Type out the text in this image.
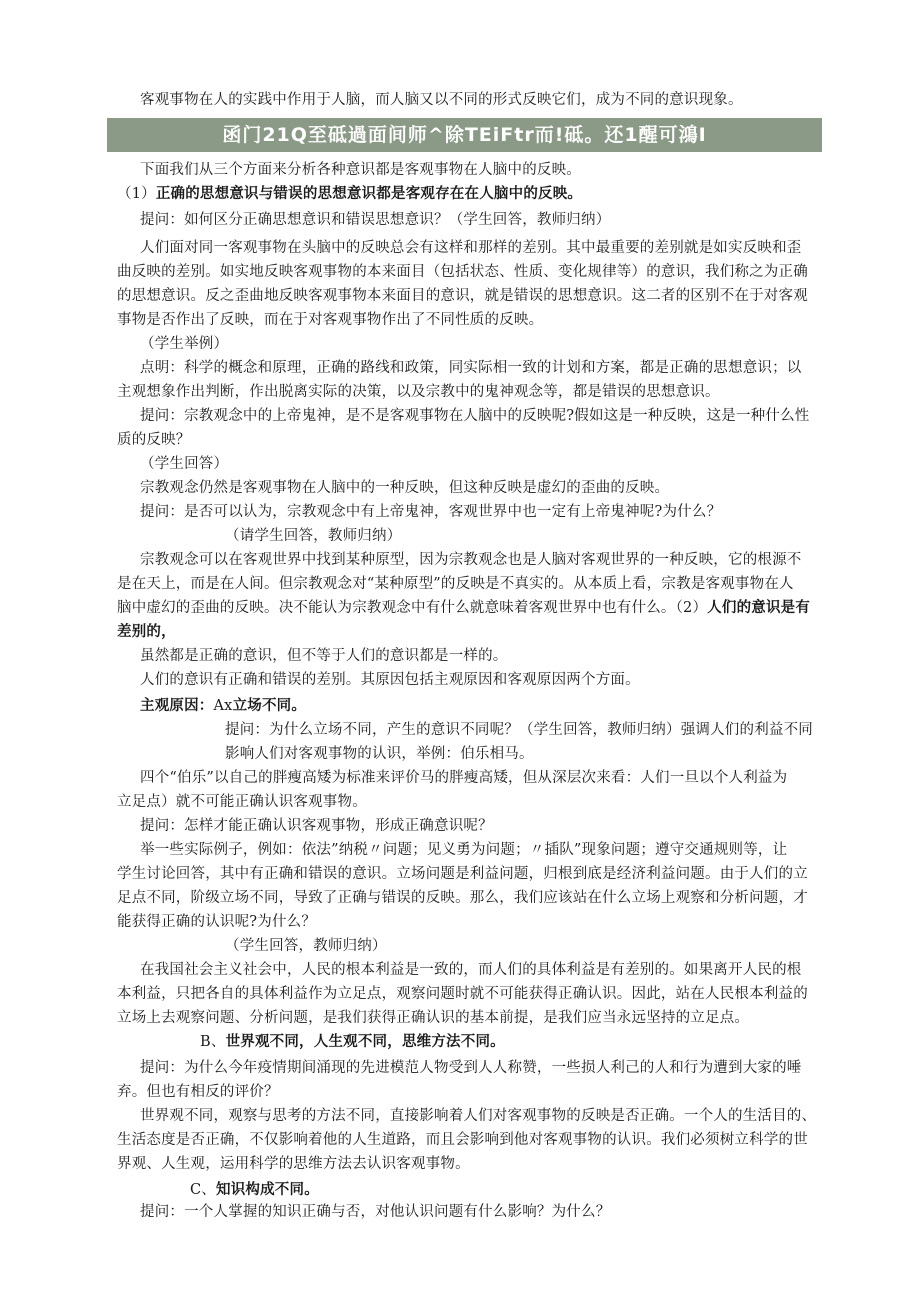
客观事物在人的实践中作用于人脑，而人脑又以不同的形式反映它们，成为不同的意识现象。
函门21Q至砥過面间师^除TEiFtr而!砥。还1醒可鴻I
下面我们从三个方面来分析各种意识都是客观事物在人脑中的反映。
（1）正确的思想意识与错误的思想意识都是客观存在在人脑中的反映。
提问：如何区分正确思想意识和错误思想意识？（学生回答，教师归纳）
人们面对同一客观事物在头脑中的反映总会有这样和那样的差别。其中最重要的差别就是如实反映和歪
曲反映的差别。如实地反映客观事物的本来面目（包括状态、性质、变化规律等）的意识，我们称之为正确
的思想意识。反之歪曲地反映客观事物本来面目的意识，就是错误的思想意识。这二者的区别不在于对客观
事物是否作出了反映，而在于对客观事物作出了不同性质的反映。
（学生举例）
点明：科学的概念和原理，正确的路线和政策，同实际相一致的计划和方案，都是正确的思想意识；以
主观想象作出判断，作出脱离实际的决策，以及宗教中的鬼神观念等，都是错误的思想意识。
提问：宗教观念中的上帝鬼神，是不是客观事物在人脑中的反映呢?假如这是一种反映，这是一种什么性
质的反映？
（学生回答）
宗教观念仍然是客观事物在人脑中的一种反映，但这种反映是虚幻的歪曲的反映。
提问：是否可以认为，宗教观念中有上帝鬼神，客观世界中也一定有上帝鬼神呢?为什么？
（请学生回答，教师归纳）
宗教观念可以在客观世界中找到某种原型，因为宗教观念也是人脑对客观世界的一种反映，它的根源不
是在天上，而是在人间。但宗教观念对“某种原型”的反映是不真实的。从本质上看，宗教是客观事物在人
脑中虚幻的歪曲的反映。决不能认为宗教观念中有什么就意味着客观世界中也有什么。（2）人们的意识是有
差别的，
虽然都是正确的意识，但不等于人们的意识都是一样的。
人们的意识有正确和错误的差别。其原因包括主观原因和客观原因两个方面。
主观原因：Ax立场不同。
提问：为什么立场不同，产生的意识不同呢？（学生回答，教师归纳）强调人们的利益不同
影响人们对客观事物的认识，举例：伯乐相马。
四个“伯乐”以自己的胖瘦高矮为标准来评价马的胖瘦高矮，但从深层次来看：人们一旦以个人利益为
立足点）就不可能正确认识客观事物。
提问：怎样才能正确认识客观事物，形成正确意识呢？
举一些实际例子，例如：依法”纳税〃问题；见义勇为问题；〃插队”现象问题；遵守交通规则等，让
学生讨论回答，其中有正确和错误的意识。立场问题是利益问题，归根到底是经济利益问题。由于人们的立
足点不同，阶级立场不同，导致了正确与错误的反映。那么，我们应该站在什么立场上观察和分析问题，才
能获得正确的认识呢?为什么？
（学生回答，教师归纳）
在我国社会主义社会中，人民的根本利益是一致的，而人们的具体利益是有差别的。如果离开人民的根
本利益，只把各自的具体利益作为立足点，观察问题时就不可能获得正确认识。因此，站在人民根本利益的
立场上去观察问题、分析问题，是我们获得正确认识的基本前提，是我们应当永远坚持的立足点。
B、世界观不同，人生观不同，思维方法不同。
提问：为什么今年疫情期间涌现的先进模范人物受到人人称赞，一些损人利己的人和行为遭到大家的唾
弃。但也有相反的评价？
世界观不同，观察与思考的方法不同，直接影响着人们对客观事物的反映是否正确。一个人的生活目的、
生活态度是否正确，不仅影响着他的人生道路，而且会影响到他对客观事物的认识。我们必须树立科学的世
界观、人生观，运用科学的思维方法去认识客观事物。
C、知识构成不同。
提问：一个人掌握的知识正确与否，对他认识问题有什么影响？为什么？
